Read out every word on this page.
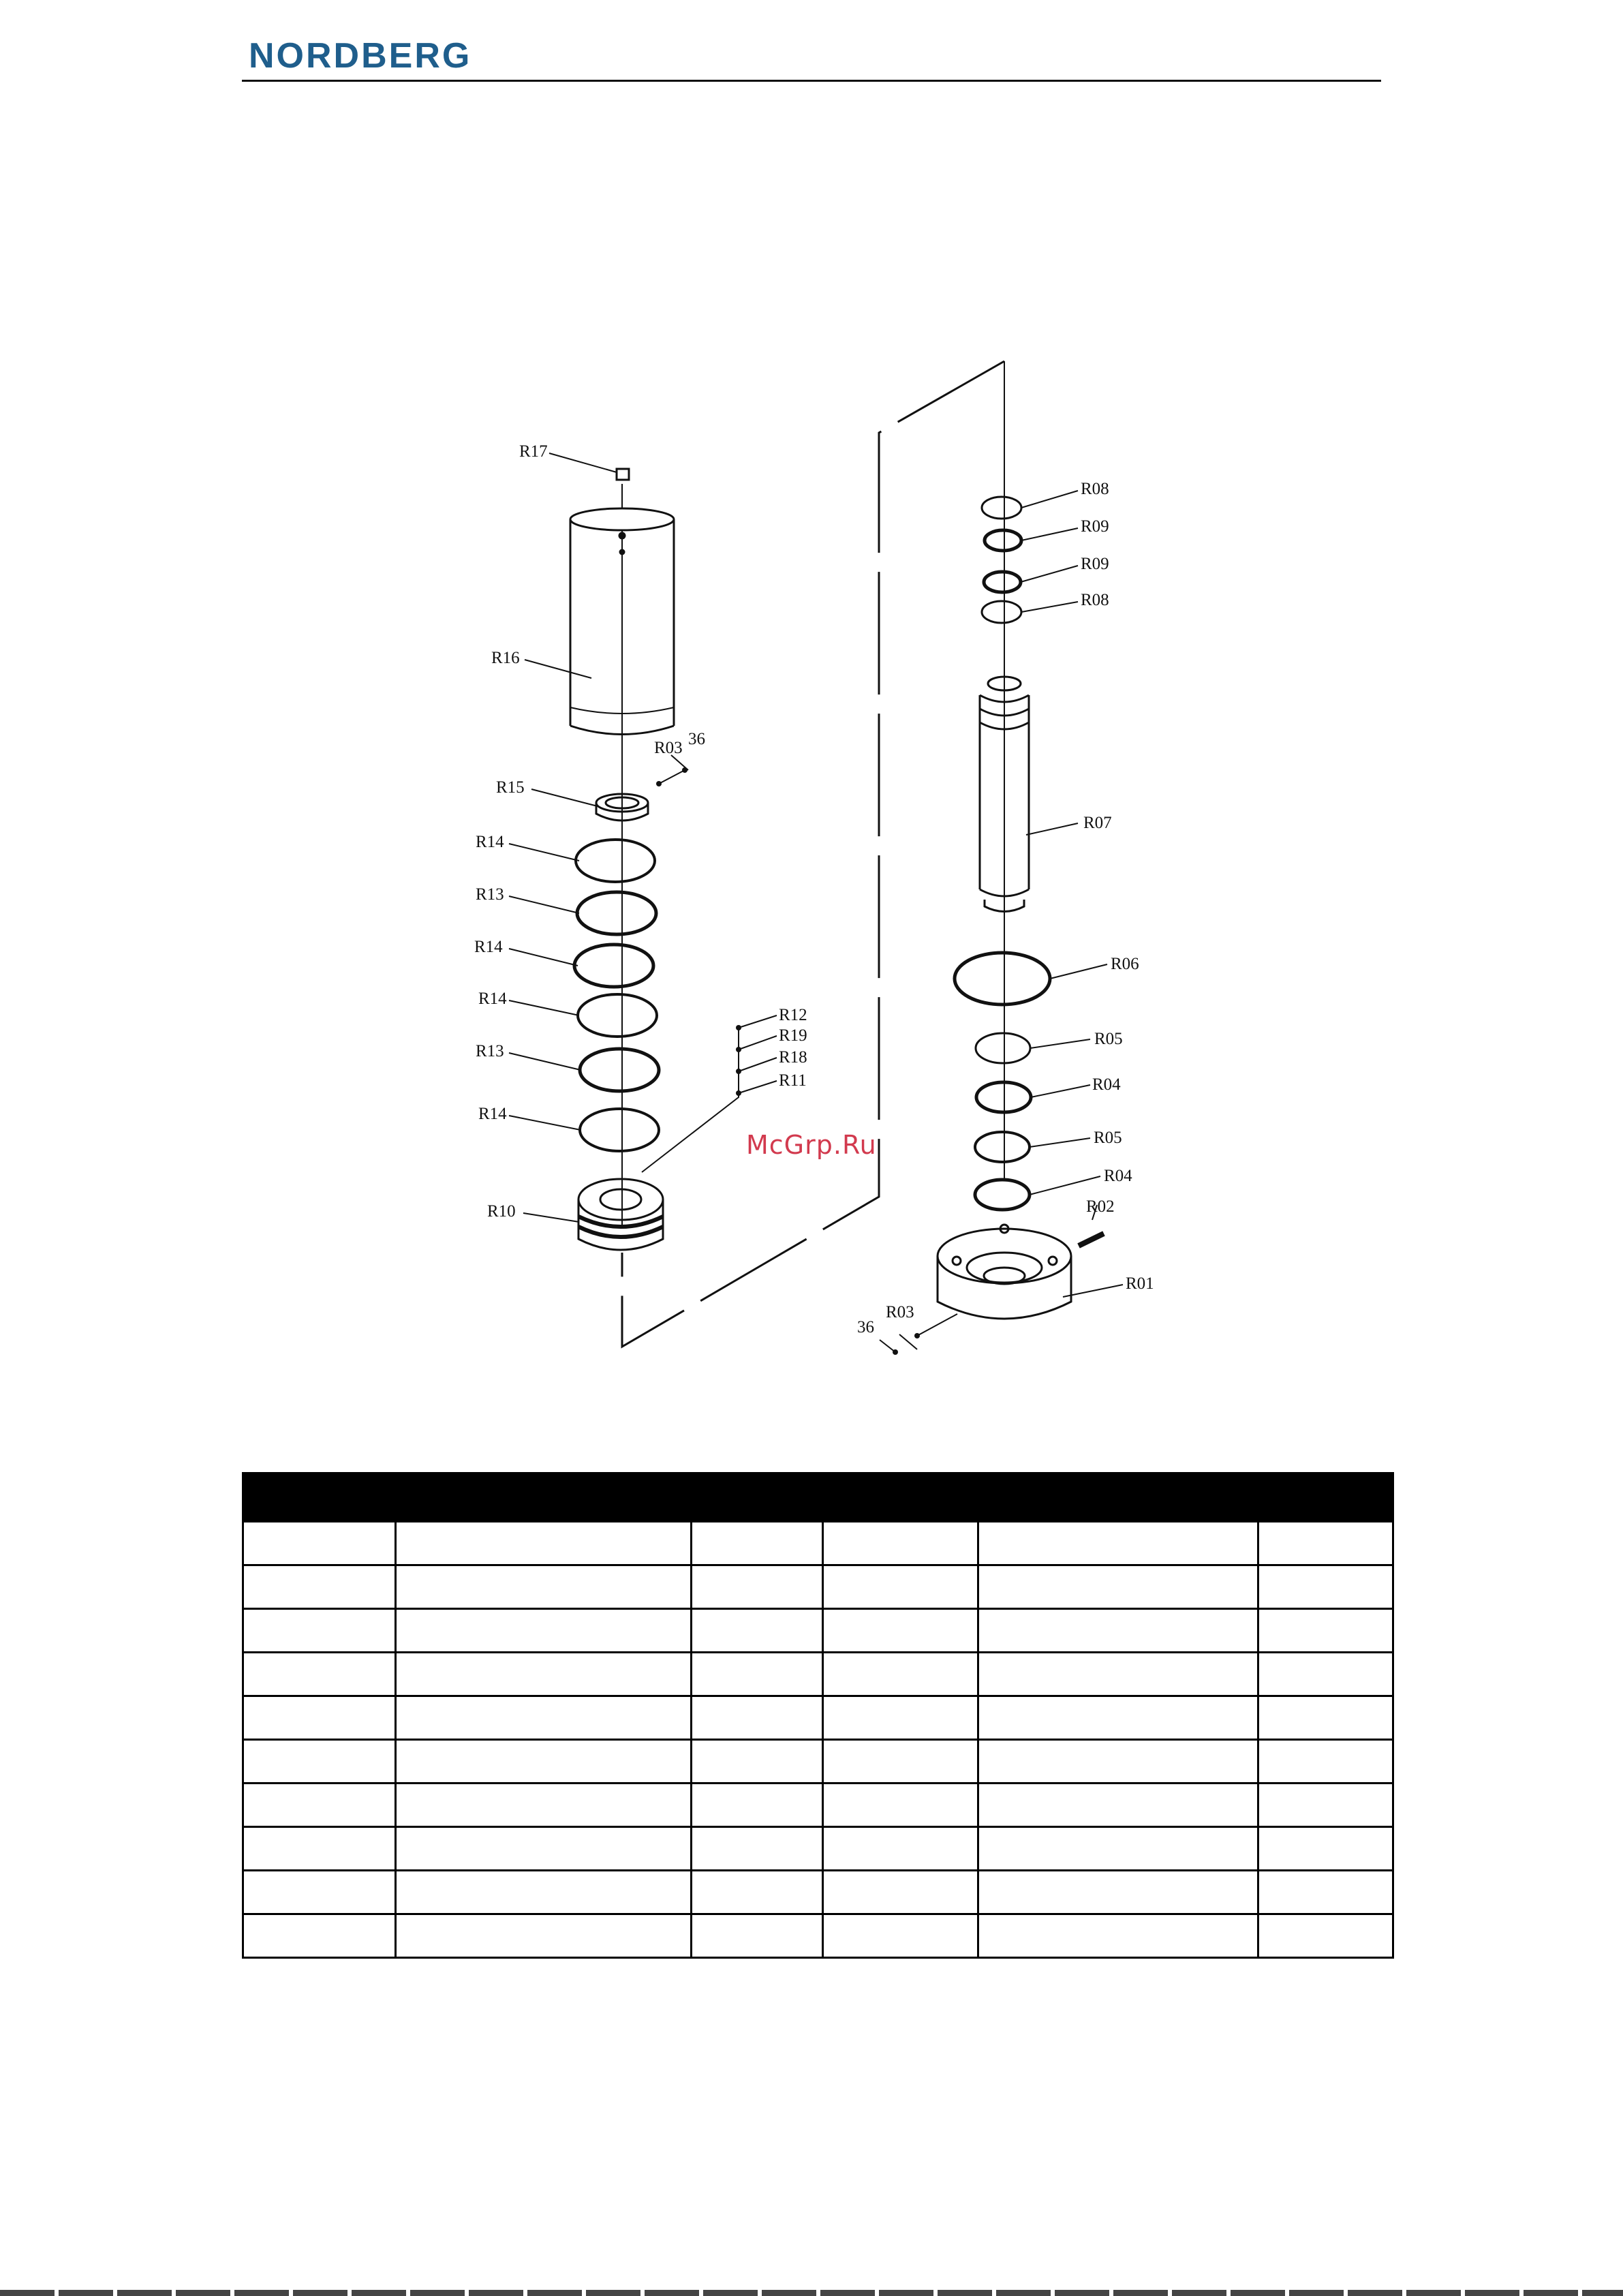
NORDBERG
R17
R16
R03 36
R15
R14
R13
R14
R14
R13
R14
R10
R12
R19
R18
R11
R08
R09
R09
R08
R07
R06
R05
R04
R05
R04
R02
R01
R03
36
McGrp.Ru
